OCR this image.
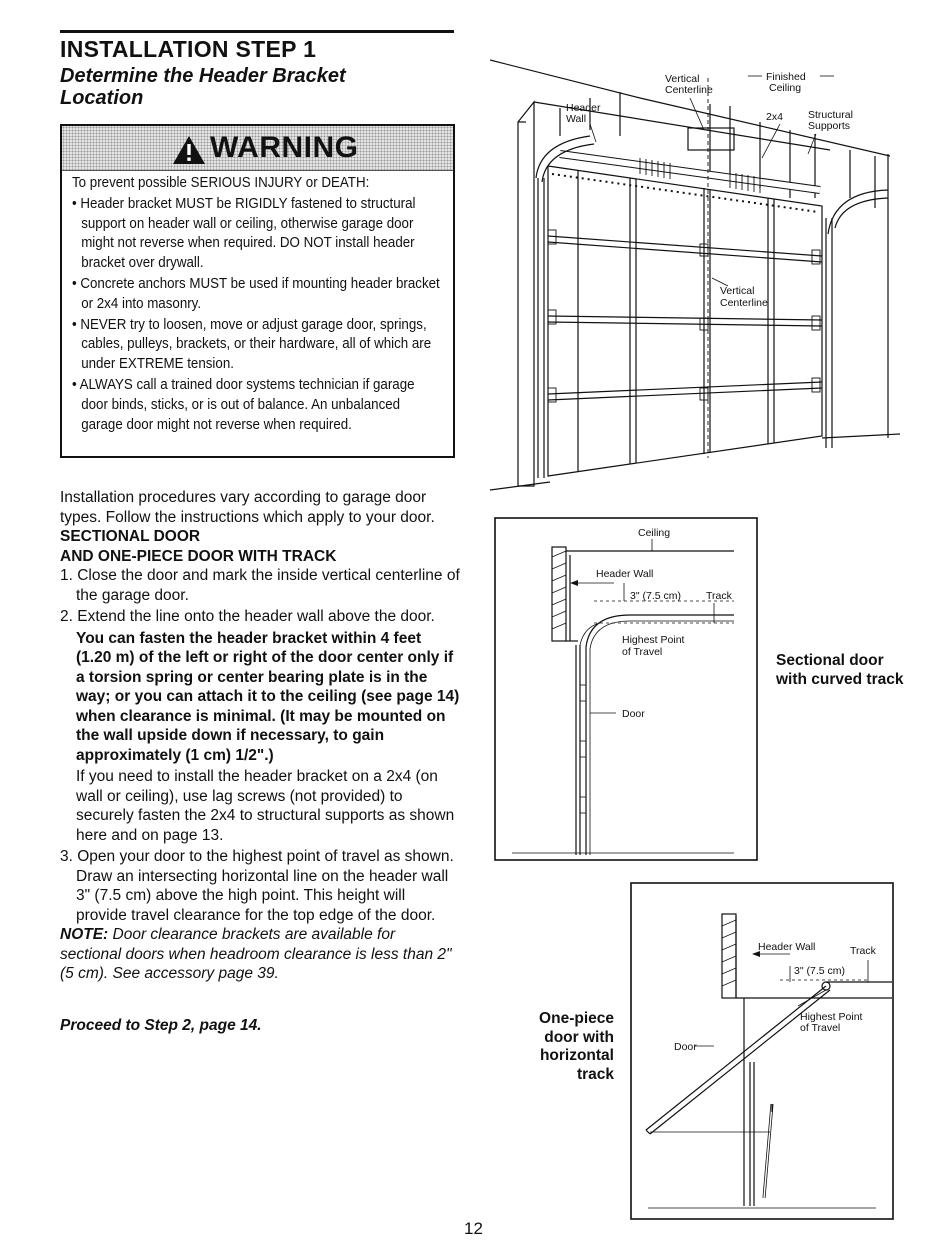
INSTALLATION STEP 1
Determine the Header Bracket Location
WARNING
To prevent possible SERIOUS INJURY or DEATH:
• Header bracket MUST be RIGIDLY fastened to structural support on header wall or ceiling, otherwise garage door might not reverse when required. DO NOT install header bracket over drywall.
• Concrete anchors MUST be used if mounting header bracket or 2x4 into masonry.
• NEVER try to loosen, move or adjust garage door, springs, cables, pulleys, brackets, or their hardware, all of which are under EXTREME tension.
• ALWAYS call a trained door systems technician if garage door binds, sticks, or is out of balance. An unbalanced garage door might not reverse when required.

Installation procedures vary according to garage door types. Follow the instructions which apply to your door.

SECTIONAL DOOR
AND ONE-PIECE DOOR WITH TRACK

1. Close the door and mark the inside vertical centerline of the garage door.

2. Extend the line onto the header wall above the door.

You can fasten the header bracket within 4 feet (1.20 m) of the left or right of the door center only if a torsion spring or center bearing plate is in the way; or you can attach it to the ceiling (see page 14) when clearance is minimal. (It may be mounted on the wall upside down if necessary, to gain approximately (1 cm) 1/2".)

If you need to install the header bracket on a 2x4 (on wall or ceiling), use lag screws (not provided) to securely fasten the 2x4 to structural supports as shown here and on page 13.

3. Open your door to the highest point of travel as shown. Draw an intersecting horizontal line on the header wall 3" (7.5 cm) above the high point. This height will provide travel clearance for the top edge of the door.

NOTE: Door clearance brackets are available for sectional doors when headroom clearance is less than 2" (5 cm). See accessory page 39.

Proceed to Step 2, page 14.
12
Vertical
Centerline
Finished
Ceiling
Header
Wall	2x4 Structural
Supports
Vertical
Centerline
Ceiling
Header Wall
3" (7.5 cm) Track
Highest Point
of Travel
Door
Sectional door with curved track
Header Wall	Track
3" (7.5 cm)
Highest Point
of Travel
Door
One-piece door with horizontal track
